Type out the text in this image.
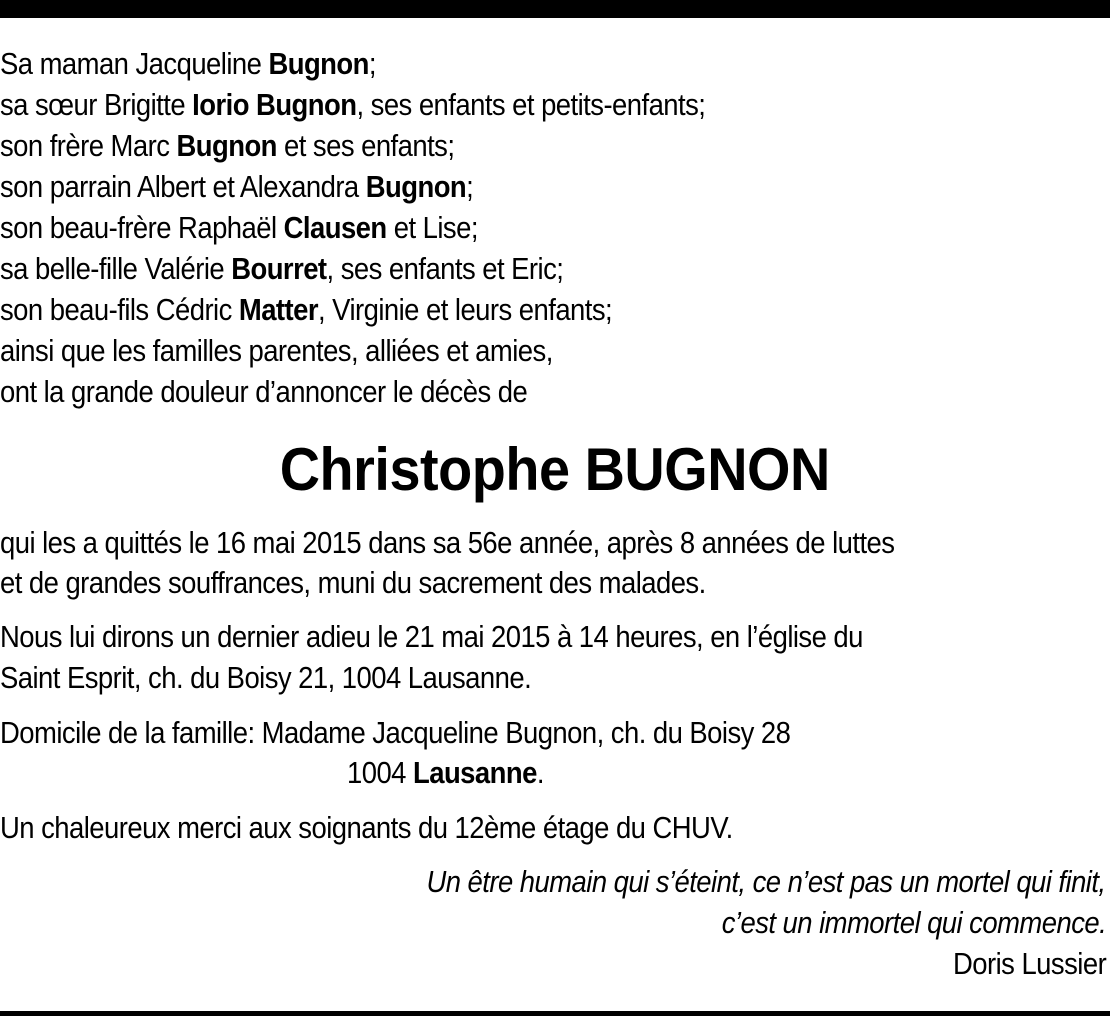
Sa maman Jacqueline Bugnon;
sa sœur Brigitte Iorio Bugnon, ses enfants et petits-enfants;
son frère Marc Bugnon et ses enfants;
son parrain Albert et Alexandra Bugnon;
son beau-frère Raphaël Clausen et Lise;
sa belle-fille Valérie Bourret, ses enfants et Eric;
son beau-fils Cédric Matter, Virginie et leurs enfants;
ainsi que les familles parentes, alliées et amies,
ont la grande douleur d’annoncer le décès de
Christophe BUGNON
qui les a quittés le 16 mai 2015 dans sa 56e année, après 8 années de luttes
et de grandes souffrances, muni du sacrement des malades.
Nous lui dirons un dernier adieu le 21 mai 2015 à 14 heures, en l’église du
Saint Esprit, ch. du Boisy 21, 1004 Lausanne.
Domicile de la famille: Madame Jacqueline Bugnon, ch. du Boisy 28
1004 Lausanne.
Un chaleureux merci aux soignants du 12ème étage du CHUV.
Un être humain qui s’éteint, ce n’est pas un mortel qui finit,
c’est un immortel qui commence.
Doris Lussier
